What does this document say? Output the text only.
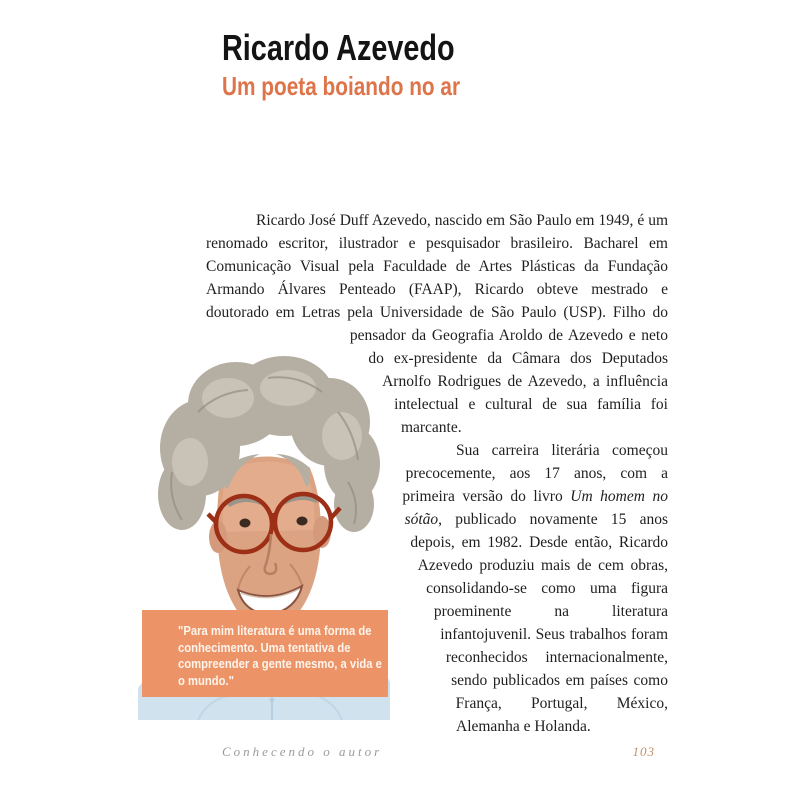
Ricardo Azevedo
Um poeta boiando no ar

Ricardo José Duff Azevedo, nascido em São Paulo em 1949, é um renomado escritor, ilustrador e pesquisador brasileiro. Bacharel em Comunicação Visual pela Faculdade de Artes Plásticas da Fundação Armando Álvares Penteado (FAAP), Ricardo obteve mestrado e doutorado em Letras pela Universidade de São Paulo (USP). Filho do pensador da Geografia Aroldo de Azevedo e neto do ex-presidente da Câmara dos Deputados Arnolfo Rodrigues de Azevedo, a influência intelectual e cultural de sua família foi marcante.

Sua carreira literária começou precocemente, aos 17 anos, com a primeira versão do livro Um homem no sótão, publicado novamente 15 anos depois, em 1982. Desde então, Ricardo Azevedo produziu mais de cem obras, consolidando-se como uma figura proeminente na literatura infantojuvenil. Seus trabalhos foram reconhecidos internacionalmente, sendo publicados em países como França, Portugal, México, Alemanha e Holanda.

"Para mim literatura é uma forma de conhecimento. Uma tentativa de compreender a gente mesmo, a vida e o mundo."
Conhecendo o autor	103
